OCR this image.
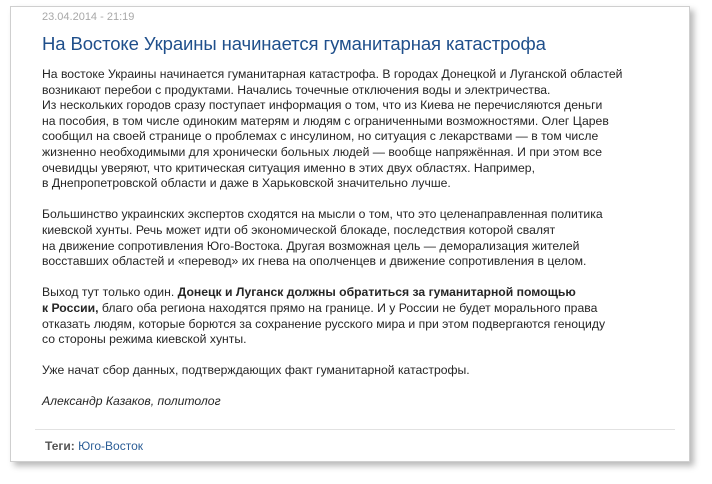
23.04.2014 - 21:19
На Востоке Украины начинается гуманитарная катастрофа

На востоке Украины начинается гуманитарная катастрофа. В городах Донецкой и Луганской областей
возникают перебои с продуктами. Начались точечные отключения воды и электричества.
Из нескольких городов сразу поступает информация о том, что из Киева не перечисляются деньги
на пособия, в том числе одиноким матерям и людям с ограниченными возможностями. Олег Царев
сообщил на своей странице о проблемах с инсулином, но ситуация с лекарствами — в том числе
жизненно необходимыми для хронически больных людей — вообще напряжённая. И при этом все
очевидцы уверяют, что критическая ситуация именно в этих двух областях. Например,
в Днепропетровской области и даже в Харьковской значительно лучше.

Большинство украинских экспертов сходятся на мысли о том, что это целенаправленная политика
киевской хунты. Речь может идти об экономической блокаде, последствия которой свалят
на движение сопротивления Юго-Востока. Другая возможная цель — деморализация жителей
восставших областей и «перевод» их гнева на ополченцев и движение сопротивления в целом.

Выход тут только один. Донецк и Луганск должны обратиться за гуманитарной помощью
к России, благо оба региона находятся прямо на границе. И у России не будет морального права
отказать людям, которые борются за сохранение русского мира и при этом подвергаются геноциду
со стороны режима киевской хунты.

Уже начат сбор данных, подтверждающих факт гуманитарной катастрофы.

Александр Казаков, политолог

Теги: Юго-Восток
